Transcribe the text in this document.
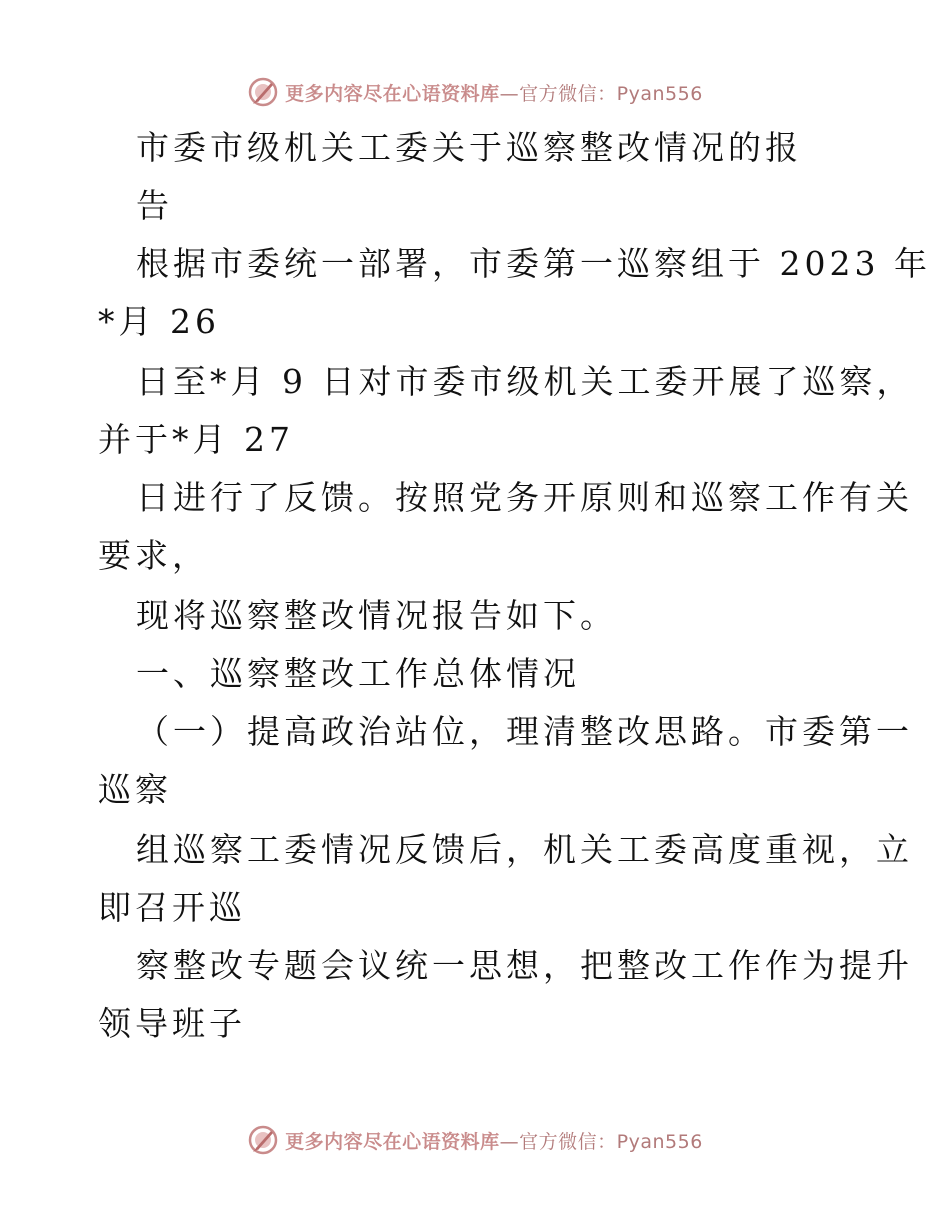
更多内容尽在心语资料库—官方微信：Pyan556
市委市级机关工委关于巡察整改情况的报
告
根据市委统一部署，市委第一巡察组于 2023 年
*月 26
日至*月 9 日对市委市级机关工委开展了巡察，
并于*月 27
日进行了反馈。按照党务开原则和巡察工作有关
要求，
现将巡察整改情况报告如下。
一、巡察整改工作总体情况
（一）提高政治站位，理清整改思路。市委第一
巡察
组巡察工委情况反馈后，机关工委高度重视，立
即召开巡
察整改专题会议统一思想，把整改工作作为提升
领导班子
更多内容尽在心语资料库—官方微信：Pyan556
